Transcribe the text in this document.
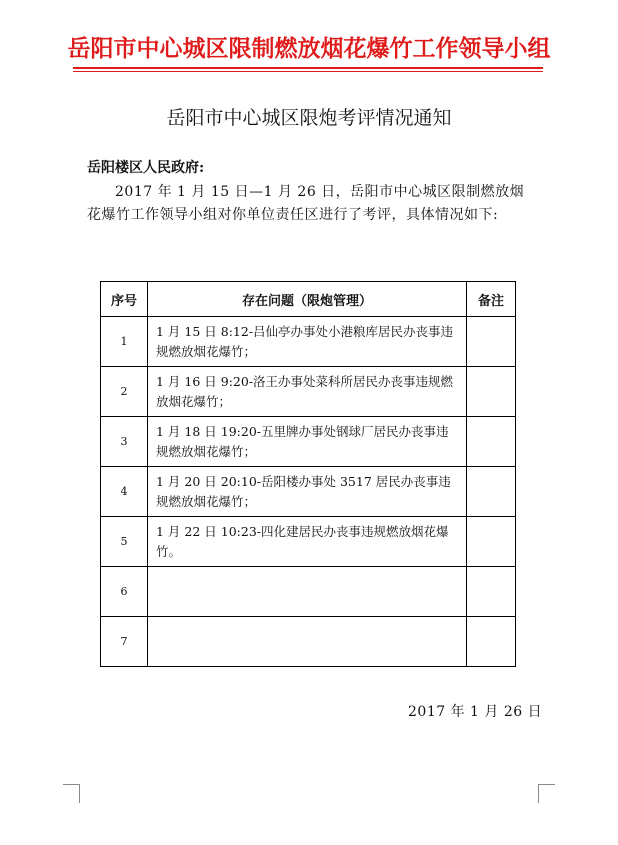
岳阳市中心城区限制燃放烟花爆竹工作领导小组
岳阳市中心城区限炮考评情况通知
岳阳楼区人民政府:
2017 年 1 月 15 日—1 月 26 日，岳阳市中心城区限制燃放烟花爆竹工作领导小组对你单位责任区进行了考评，具体情况如下:
序号	存在问题（限炮管理）	备注
1	1 月 15 日 8:12-吕仙亭办事处小港粮库居民办丧事违规燃放烟花爆竹；	
2	1 月 16 日 9:20-洛王办事处菜科所居民办丧事违规燃放烟花爆竹；	
3	1 月 18 日 19:20-五里牌办事处钢球厂居民办丧事违规燃放烟花爆竹；	
4	1 月 20 日 20:10-岳阳楼办事处 3517 居民办丧事违规燃放烟花爆竹；	
5	1 月 22 日 10:23-四化建居民办丧事违规燃放烟花爆竹。	
6		
7		
2017 年 1 月 26 日
